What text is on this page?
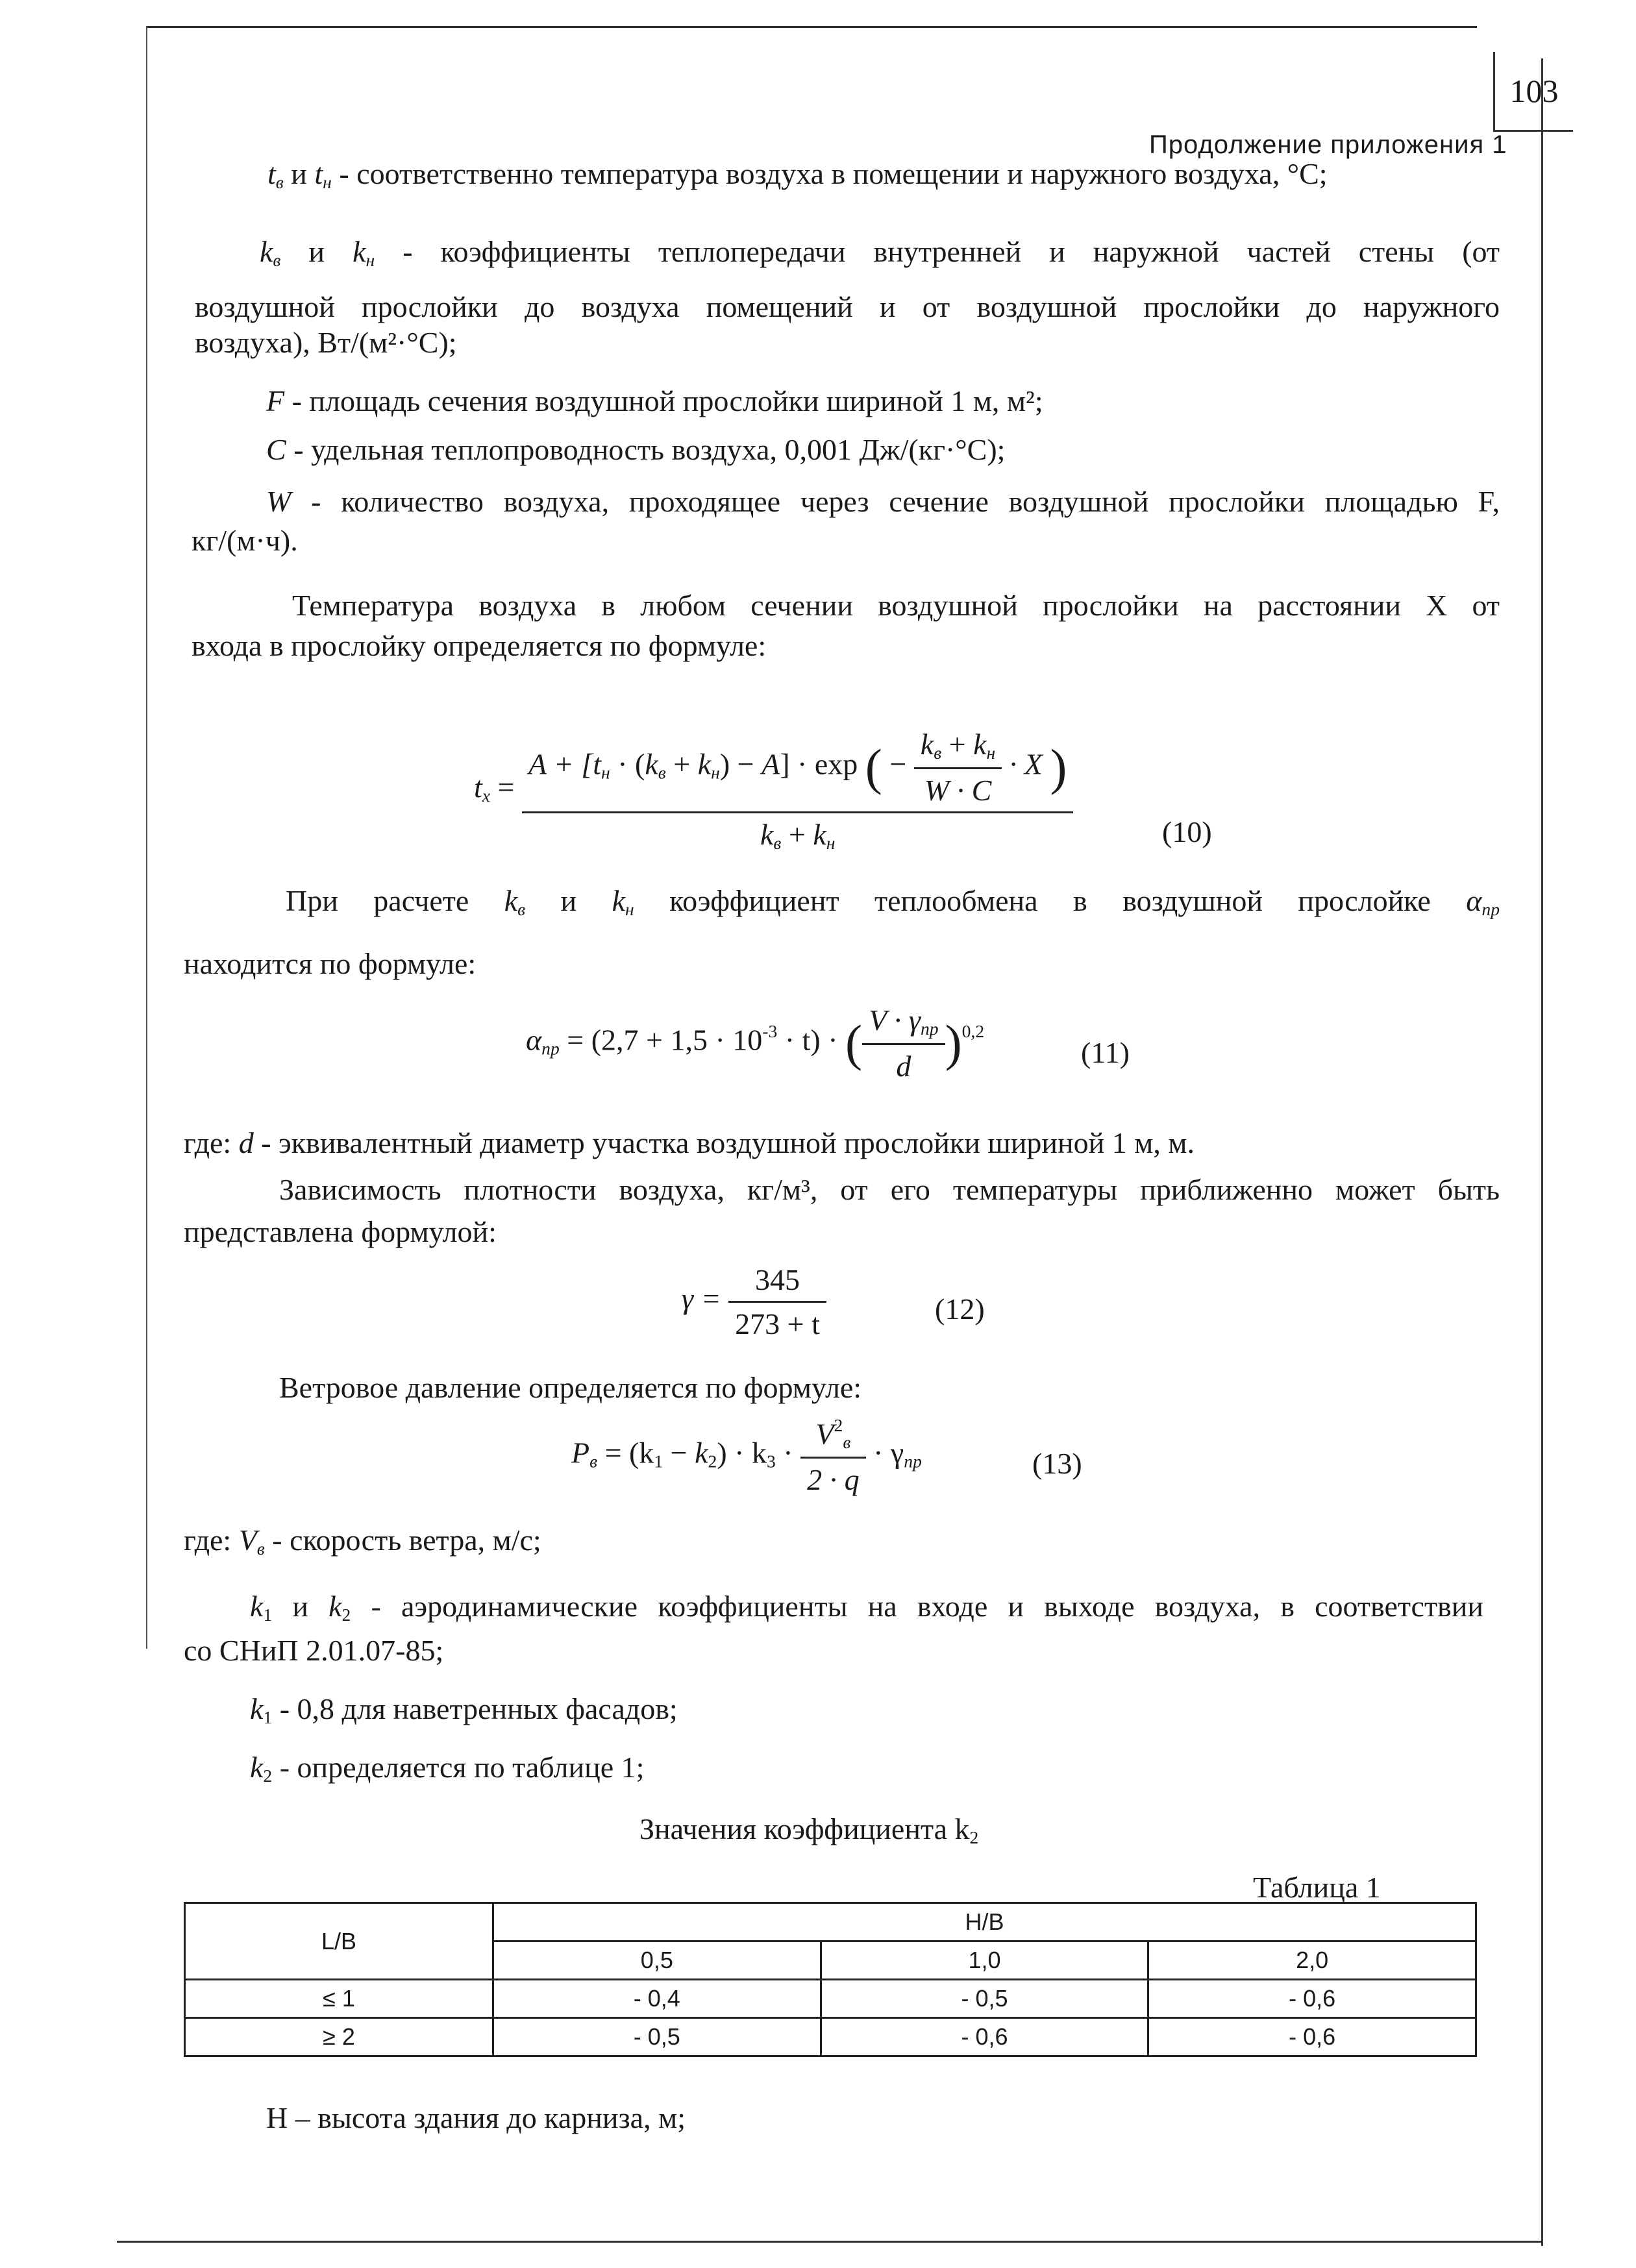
103
Продолжение приложения 1
$t_в$ и $t_н$ - соответственно температура воздуха в помещении и наружного воздуха, °С;
$k_в$ и $k_н$ - коэффициенты теплопередачи внутренней и наружной частей стены (от
воздушной прослойки до воздуха помещений и от воздушной прослойки до наружного
воздуха), Вт/(м²·°С);
F - площадь сечения воздушной прослойки шириной 1 м, м²;
C - удельная теплопроводность воздуха, 0,001 Дж/(кг·°С);
W - количество воздуха, проходящее через сечение воздушной прослойки площадью F,
кг/(м·ч).
Температура воздуха в любом сечении воздушной прослойки на расстоянии X от
входа в прослойку определяется по формуле:
$t_x$ =
$A + [t_н \cdot (k_в + k_н) - A] \cdot \exp$ ( − $\frac{k_в + k_н}{W \cdot C} \cdot X$ )
$k_в + k_н$	(10)
При расчете $k_в$ и $k_н$ коэффициент теплообмена в воздушной прослойке $\alpha_{пр}$
находится по формуле:
$\alpha_{пр} = (2,7 + 1,5 \cdot 10^{-3} \cdot t)$ · ( $\frac{V \cdot \gamma_{пр}}{d} )^{0,2}$
(11)
где: d - эквивалентный диаметр участка воздушной прослойки шириной 1 м, м.
Зависимость плотности воздуха, кг/м³, от его температуры приближенно может быть
представлена формулой:
$\gamma = \frac{345}{273 + t}$	(12)
Ветровое давление определяется по формуле:
$P_в = (k_1 - k_2) \cdot k_3 \cdot \frac{V^2_в}{2 \cdot q} \cdot \gamma_{пр}$	(13)
где: $V_в$ - скорость ветра, м/с;
$k_1$ и $k_2$ - аэродинамические коэффициенты на входе и выходе воздуха, в соответствии
со СНиП 2.01.07-85;
$k_1 - 0,8$ для наветренных фасадов;
$k_2$ - определяется по таблице 1;
Значения коэффициента $k_2$
Таблица 1
L/B	H/B		
	0,5	1,0	2,0
≤ 1	- 0,4	- 0,5	- 0,6
≥ 2	- 0,5	- 0,6	- 0,6
Н – высота здания до карниза, м;
